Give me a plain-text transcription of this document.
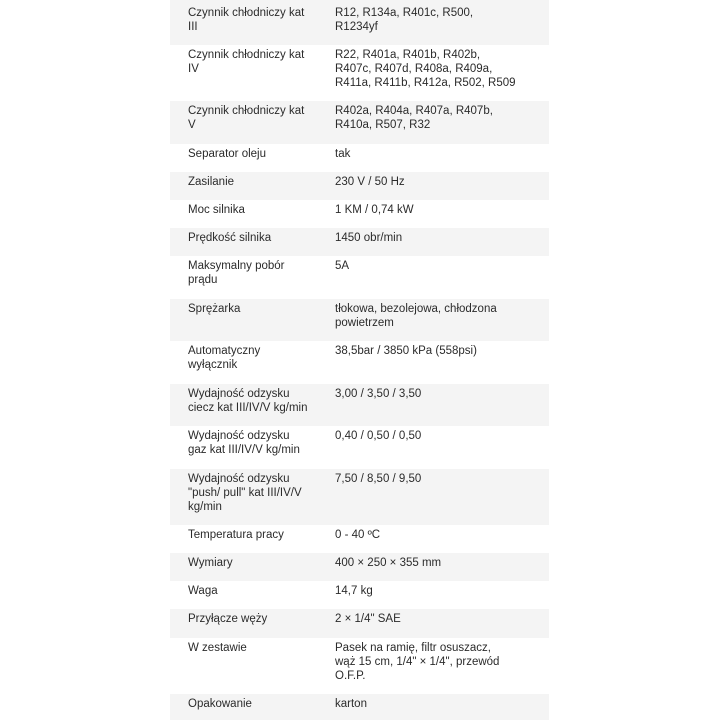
Czynnik chłodniczy kat
III	R12, R134a, R401c, R500,
R1234yf

Czynnik chłodniczy kat
IV	R22, R401a, R401b, R402b,
R407c, R407d, R408a, R409a,
R411a, R411b, R412a, R502, R509

Czynnik chłodniczy kat
V	R402a, R404a, R407a, R407b,
R410a, R507, R32

Separator oleju	tak

Zasilanie	230 V / 50 Hz

Moc silnika	1 KM / 0,74 kW

Prędkość silnika	1450 obr/min

Maksymalny pobór
prądu	5A

Sprężarka	tłokowa, bezolejowa, chłodzona
powietrzem

Automatyczny
wyłącznik	38,5bar / 3850 kPa (558psi)

Wydajność odzysku
ciecz kat III/IV/V kg/min	3,00 / 3,50 / 3,50

Wydajność odzysku
gaz kat III/IV/V kg/min	0,40 / 0,50 / 0,50

Wydajność odzysku
"push/ pull" kat III/IV/V
kg/min	7,50 / 8,50 / 9,50

Temperatura pracy	0 - 40 ºC

Wymiary	400 × 250 × 355 mm

Waga	14,7 kg

Przyłącze węży	2 × 1/4" SAE

W zestawie	Pasek na ramię, filtr osuszacz,
wąż 15 cm, 1/4" × 1/4", przewód
O.F.P.

Opakowanie	karton
